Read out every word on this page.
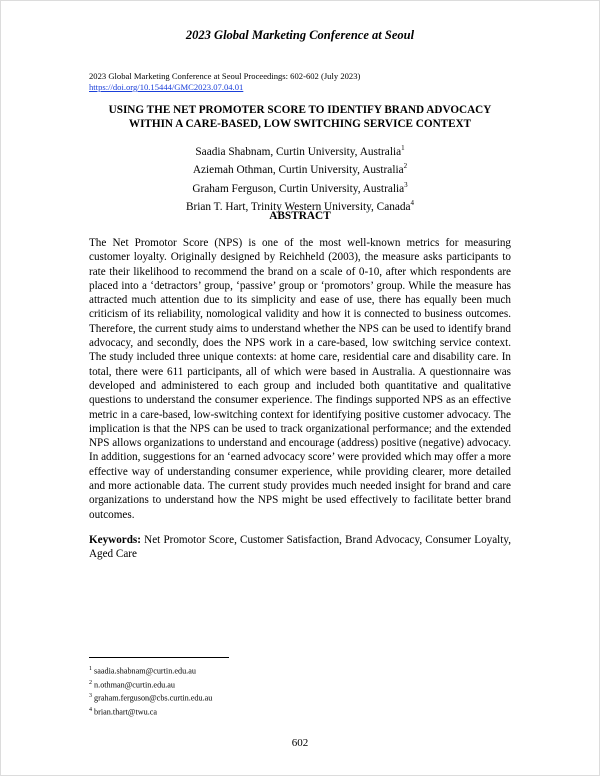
2023 Global Marketing Conference at Seoul
2023 Global Marketing Conference at Seoul Proceedings: 602-602 (July 2023)
https://doi.org/10.15444/GMC2023.07.04.01
USING THE NET PROMOTER SCORE TO IDENTIFY BRAND ADVOCACY
WITHIN A CARE-BASED, LOW SWITCHING SERVICE CONTEXT
Saadia Shabnam, Curtin University, Australia$^1$
Aziemah Othman, Curtin University, Australia$^2$
Graham Ferguson, Curtin University, Australia$^3$
Brian T. Hart, Trinity Western University, Canada$^4$
ABSTRACT

The Net Promotor Score (NPS) is one of the most well-known metrics for measuring customer loyalty. Originally designed by Reichheld (2003), the measure asks participants to rate their likelihood to recommend the brand on a scale of 0-10, after which respondents are placed into a ‘detractors’ group, ‘passive’ group or ‘promotors’ group. While the measure has attracted much attention due to its simplicity and ease of use, there has equally been much criticism of its reliability, nomological validity and how it is connected to business outcomes. Therefore, the current study aims to understand whether the NPS can be used to identify brand advocacy, and secondly, does the NPS work in a care-based, low switching service context. The study included three unique contexts: at home care, residential care and disability care. In total, there were 611 participants, all of which were based in Australia. A questionnaire was developed and administered to each group and included both quantitative and qualitative questions to understand the consumer experience. The findings supported NPS as an effective metric in a care-based, low-switching context for identifying positive customer advocacy. The implication is that the NPS can be used to track organizational performance; and the extended NPS allows organizations to understand and encourage (address) positive (negative) advocacy. In addition, suggestions for an ‘earned advocacy score’ were provided which may offer a more effective way of understanding consumer experience, while providing clearer, more detailed and more actionable data. The current study provides much needed insight for brand and care organizations to understand how the NPS might be used effectively to facilitate better brand outcomes.

Keywords: Net Promotor Score, Customer Satisfaction, Brand Advocacy, Consumer Loyalty, Aged Care

$^1$ saadia.shabnam@curtin.edu.au
$^2$ n.othman@curtin.edu.au
$^3$ graham.ferguson@cbs.curtin.edu.au
$^4$ brian.thart@twu.ca
602
